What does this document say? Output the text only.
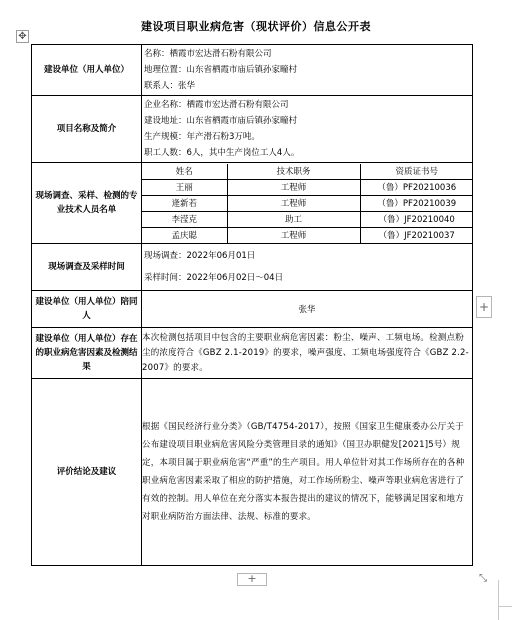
建设项目职业病危害（现状评价）信息公开表
✥
建设单位（用人单位）	
名称：栖霞市宏达滑石粉有限公司
地理位置：山东省栖霞市庙后镇孙家疃村
联系人：张华

项目名称及简介	
企业名称：栖霞市宏达滑石粉有限公司
建设地址：山东省栖霞市庙后镇孙家疃村
生产规模：年产滑石粉3万吨。
职工人数：6人，其中生产岗位工人4人。

现场调查、采样、检测的专业技术人员名单	
姓名	技术职务	资质证书号
王丽	工程师	（鲁）PF20210036
逄新若	工程师	（鲁）PF20210039
李滢克	助工	（鲁）JF20210040
孟庆聪	工程师	（鲁）JF20210037

现场调查及采样时间	
现场调查：2022年06月01日
采样时间：2022年06月02日～04日

建设单位（用人单位）陪同人	张华
建设单位（用人单位）存在的职业病危害因素及检测结果	本次检测包括项目中包含的主要职业病危害因素：粉尘、噪声、工频电场。检测点粉尘的浓度符合《GBZ 2.1-2019》的要求，噪声强度、工频电场强度符合《GBZ 2.2-2007》的要求。
评价结论及建议	根据《国民经济行业分类》（GB/T4754-2017），按照《国家卫生健康委办公厅关于公布建设项目职业病危害风险分类管理目录的通知》（国卫办职健发[2021]5号）规定，本项目属于职业病危害“严重”的生产项目。用人单位针对其工作场所存在的各种职业病危害因素采取了相应的防护措施，对工作场所粉尘、噪声等职业病危害进行了有效的控制。用人单位在充分落实本报告提出的建议的情况下，能够满足国家和地方对职业病防治方面法律、法规、标准的要求。
+
+	⤡
